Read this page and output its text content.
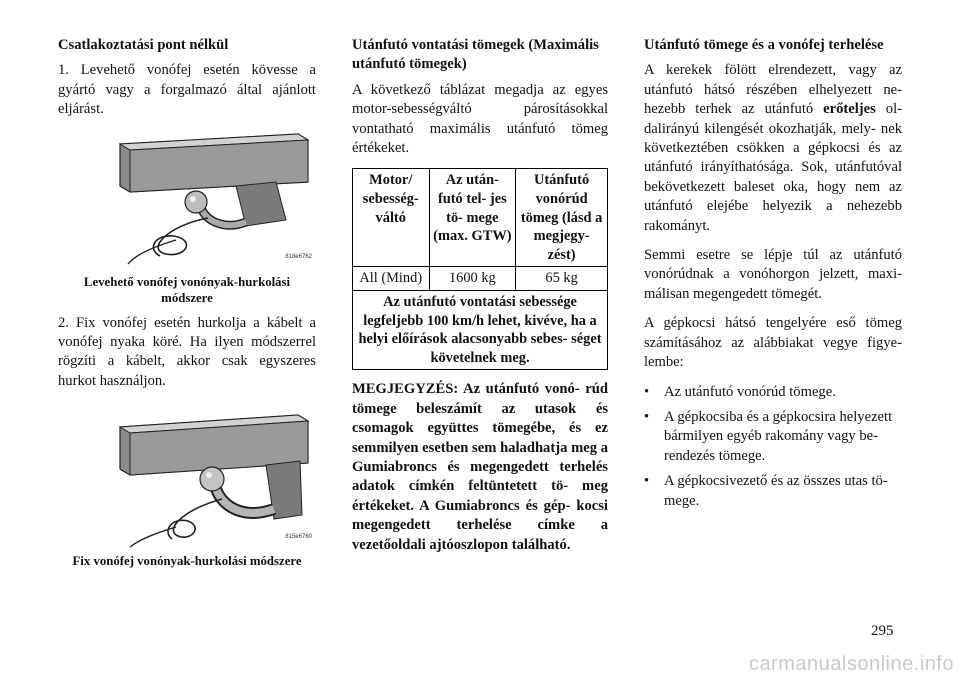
Csatlakoztatási pont nélkül

1. Levehető vonófej esetén kövesse a gyártó vagy a forgalmazó által ajánlott eljárást.

818e6762
Levehető vonófej vonónyak-hurkolási módszere

2. Fix vonófej esetén hurkolja a kábelt a vonófej nyaka köré. Ha ilyen módszerrel rögzíti a kábelt, akkor csak egyszeres hurkot használjon.

815e6760
Fix vonófej vonónyak-hurkolási módszere
Utánfutó vontatási tömegek (Maximális utánfutó tömegek)

A következő táblázat megadja az egyes motor-sebességváltó párosításokkal vontatható maximális utánfutó tömeg értékeket.

Motor/ sebesség- váltó	Az után- futó tel- jes tö- mege (max. GTW)	Utánfutó vonórúd tömeg (lásd a megjegy- zést)
All (Mind)	1600 kg	65 kg
Az utánfutó vontatási sebessége legfeljebb 100 km/h lehet, kivéve, ha a helyi előírások alacsonyabb sebes- séget követelnek meg.		

MEGJEGYZÉS: Az utánfutó vonó- rúd tömege beleszámít az utasok és csomagok együttes tömegébe, és ez semmilyen esetben sem haladhatja meg a Gumiabroncs és megengedett terhelés adatok címkén feltüntetett tö- meg értékeket. A Gumiabroncs és gép- kocsi megengedett terhelése címke a vezetőoldali ajtóoszlopon található.

Utánfutó tömege és a vonófej terhelése

A kerekek fölött elrendezett, vagy az utánfutó hátsó részében elhelyezett ne- hezebb terhek az utánfutó erőteljes ol- dalirányú kilengését okozhatják, mely- nek következtében csökken a gépkocsi és az utánfutó irányíthatósága. Sok, utánfutóval bekövetkezett baleset oka, hogy nem az utánfutó elejébe helyezik a nehezebb rakományt.

Semmi esetre se lépje túl az utánfutó vonórúdnak a vonóhorgon jelzett, maxi- málisan megengedett tömegét.

A gépkocsi hátsó tengelyére eső tömeg számításához az alábbiakat vegye figye- lembe:

• Az utánfutó vonórúd tömege.
• A gépkocsiba és a gépkocsira helyezett bármilyen egyéb rakomány vagy be- rendezés tömege.
• A gépkocsivezető és az összes utas tö- mege.
295
carmanualsonline.info
